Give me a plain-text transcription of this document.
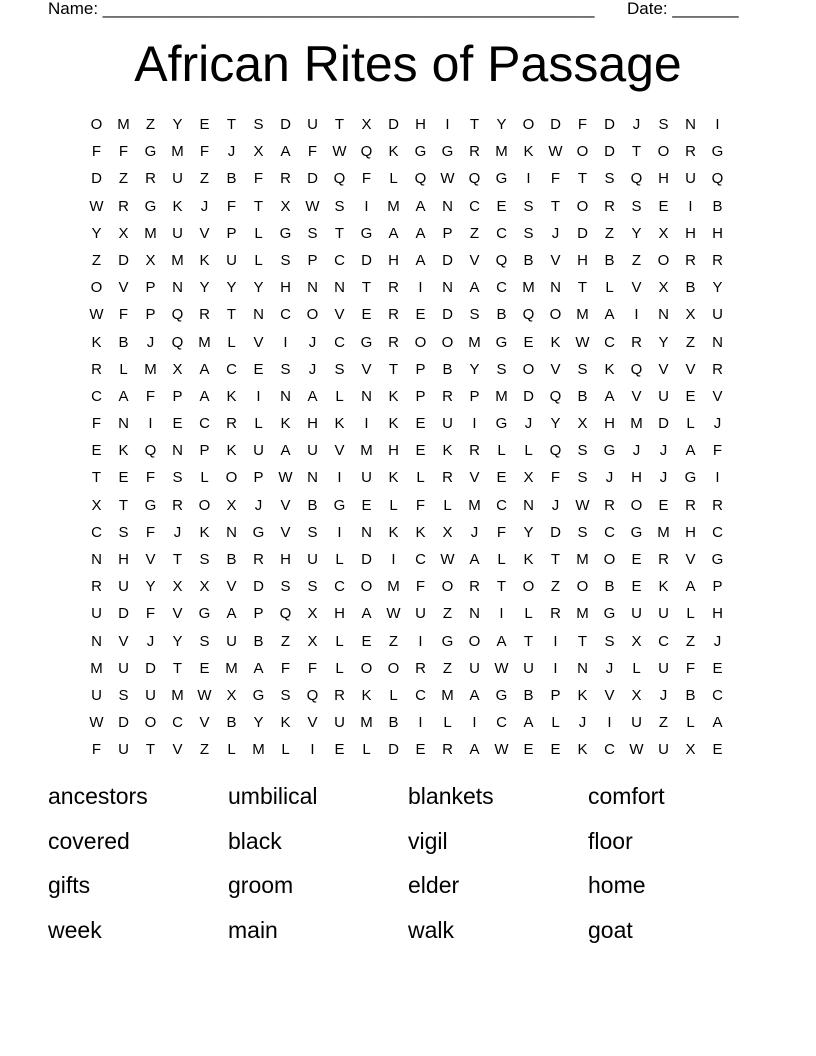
Name: ____________________________________________________ Date: _______
African Rites of Passage
O M	Z	Y	E	T	S	D	U	T	X	D	H	I	T	Y	O	D	F	D	J	S	N	I
F	F	G M	F	J	X	A	F	W Q	K	G	G	R	M	K W O	D	T	O	R	G
D	Z	R	U	Z	B	F	R	D	Q	F	L	Q W Q	G	I	F	T	S	Q	H	U	Q
W R	G	K	J	F	T	X W S	I	M	A	N	C	E	S	T	O	R	S	E	I	B
Y	X	M	U	V	P	L	G	S	T	G	A	A	P	Z	C	S	J	D	Z	Y	X	H	H
Z	D	X	M	K	U	L	S	P	C	D	H	A	D	V	Q	B	V	H	B	Z	O	R	R
O	V	P	N	Y	Y	Y	H	N	N	T	R	I	N	A	C	M	N	T	L	V	X	B	Y
W	F	P	Q	R	T	N	C	O	V	E	R	E	D	S	B	Q	O M	A	I	N	X	U
K	B	J	Q M	L	V	I	J	C	G	R	O	O M G	E	K W C	R	Y	Z	N
R	L	M	X	A	C	E	S	J	S	V	T	P	B	Y	S	O	V	S	K	Q	V	V	R
C	A	F	P	A	K	I	N	A	L	N	K	P	R	P	M	D	Q	B	A	V	U	E	V
F	N	I	E	C	R	L	K	H	K	I	K	E	U	I	G	J	Y	X	H	M	D	L	J
E	K	Q	N	P	K	U	A	U	V	M	H	E	K	R	L	L	Q	S	G	J	J	A	F
T	E	F	S	L	O	P W N	I	U	K	L	R	V	E	X	F	S	J	H	J	G	I
X	T	G	R	O	X	J	V	B	G	E	L	F	L	M	C	N	J	W R	O	E	R	R
C	S	F	J	K	N	G	V	S	I	N	K	K	X	J	F	Y	D	S	C	G M	H	C
N	H	V	T	S	B	R	H	U	L	D	I	C W A	L	K	T	M O	E	R	V	G
R	U	Y	X	X	V	D	S	S	C	O M	F	O	R	T	O	Z	O	B	E	K	A	P
U	D	F	V	G	A	P	Q	X	H	A W U	Z	N	I	L	R	M G	U	U	L	H
N	V	J	Y	S	U	B	Z	X	L	E	Z	I	G	O	A	T	I	T	S	X	C	Z	J
M	U	D	T	E	M	A	F	F	L	O	O	R	Z	U W U	I	N	J	L	U	F	E
U	S	U	M W X	G	S	Q	R	K	L	C	M	A	G	B	P	K	V	X	J	B	C
W D	O	C	V	B	Y	K	V	U	M	B	I	L	I	C	A	L	J	I	U	Z	L	A
F	U	T	V	Z	L	M	L	I	E	L	D	E	R	A W E	E	K	C W U	X	E
ancestors	umbilical	blankets	comfort
covered	black	vigil	floor
gifts	groom	elder	home
week	main	walk	goat
